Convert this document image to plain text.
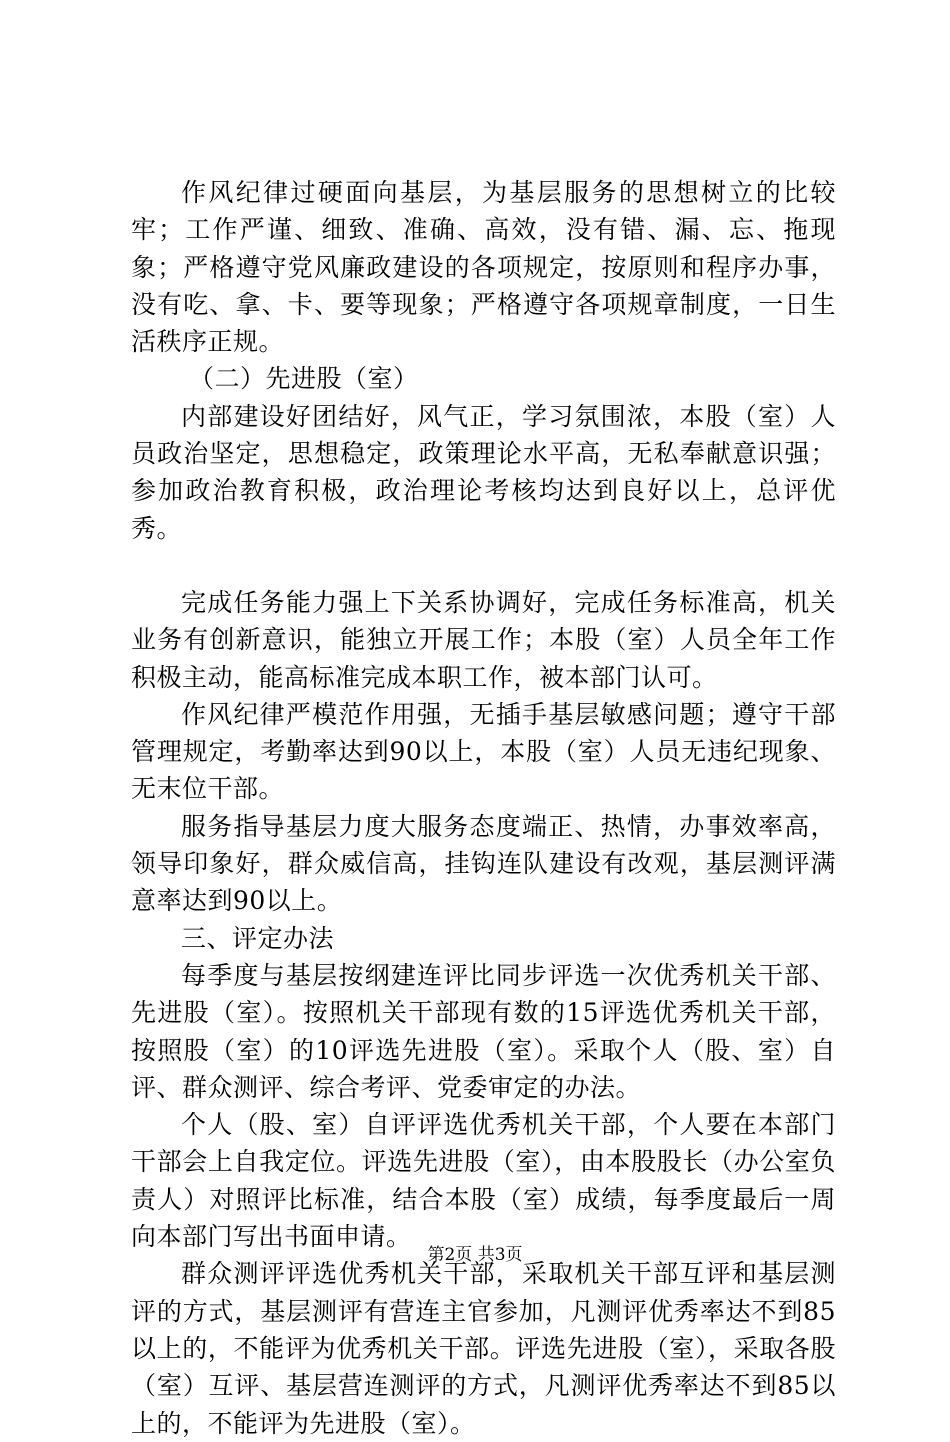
作风纪律过硬面向基层，为基层服务的思想树立的比较牢；工作严谨、细致、准确、高效，没有错、漏、忘、拖现象；严格遵守党风廉政建设的各项规定，按原则和程序办事，没有吃、拿、卡、要等现象；严格遵守各项规章制度，一日生活秩序正规。

（二）先进股（室）

内部建设好团结好，风气正，学习氛围浓，本股（室）人员政治坚定，思想稳定，政策理论水平高，无私奉献意识强；参加政治教育积极，政治理论考核均达到良好以上，总评优秀。

完成任务能力强上下关系协调好，完成任务标准高，机关业务有创新意识，能独立开展工作；本股（室）人员全年工作积极主动，能高标准完成本职工作，被本部门认可。

作风纪律严模范作用强，无插手基层敏感问题；遵守干部管理规定，考勤率达到90以上，本股（室）人员无违纪现象、无末位干部。

服务指导基层力度大服务态度端正、热情，办事效率高，领导印象好，群众威信高，挂钩连队建设有改观，基层测评满意率达到90以上。

三、评定办法

每季度与基层按纲建连评比同步评选一次优秀机关干部、先进股（室）。按照机关干部现有数的15评选优秀机关干部，按照股（室）的10评选先进股（室）。采取个人（股、室）自评、群众测评、综合考评、党委审定的办法。

个人（股、室）自评评选优秀机关干部，个人要在本部门干部会上自我定位。评选先进股（室），由本股股长（办公室负责人）对照评比标准，结合本股（室）成绩，每季度最后一周向本部门写出书面申请。

群众测评评选优秀机关干部，采取机关干部互评和基层测评的方式，基层测评有营连主官参加，凡测评优秀率达不到85以上的，不能评为优秀机关干部。评选先进股（室），采取各股（室）互评、基层营连测评的方式，凡测评优秀率达不到85以上的，不能评为先进股（室）。

第2页 共3页
